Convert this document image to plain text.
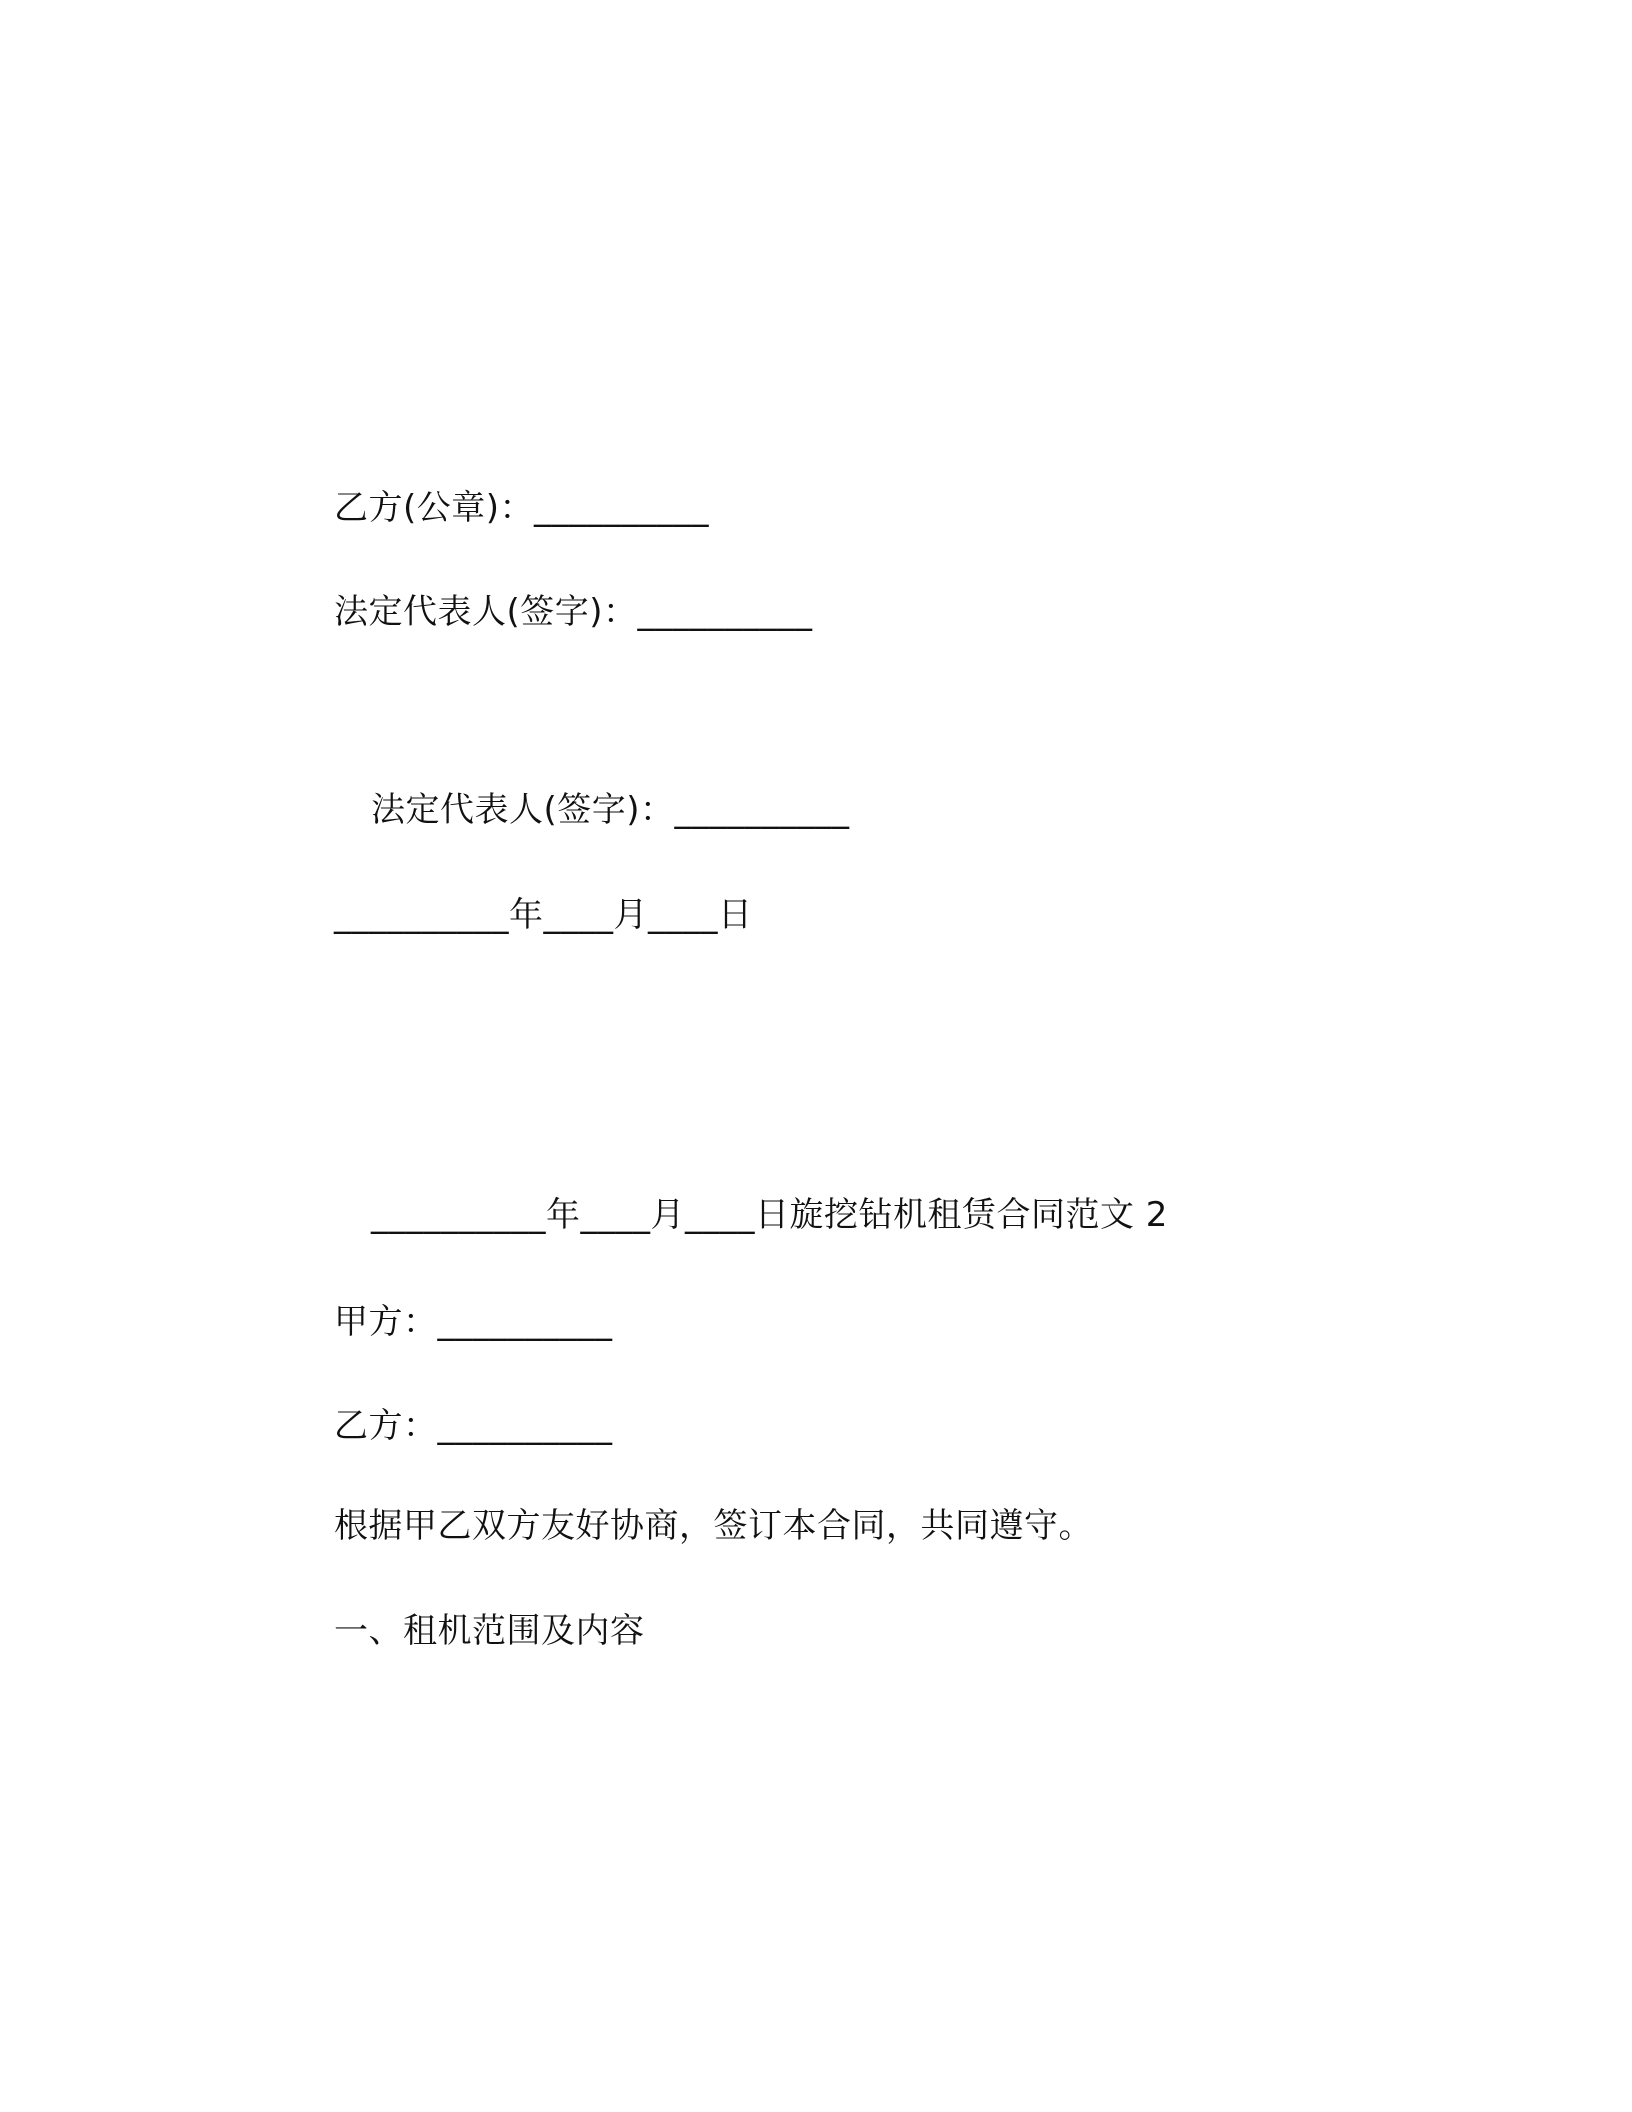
乙方(公章)：__________
法定代表人(签字)：__________
法定代表人(签字)：__________
__________年____月____日
__________年____月____日旋挖钻机租赁合同范文 2
甲方：__________
乙方：__________
根据甲乙双方友好协商，签订本合同，共同遵守。
一、租机范围及内容
